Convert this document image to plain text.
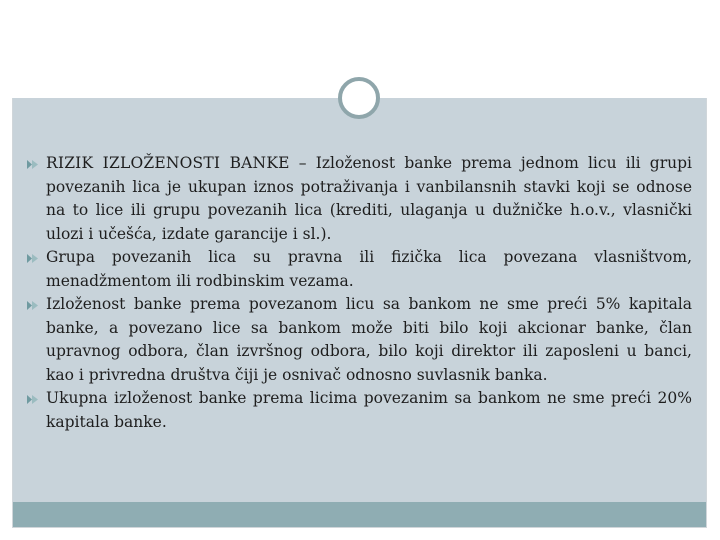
RIZIK IZLOŽENOSTI BANKE – Izloženost banke prema jednom licu ili grupi povezanih lica je ukupan iznos potraživanja i vanbilansnih stavki koji se odnose na to lice ili grupu povezanih lica (krediti, ulaganja u dužničke h.o.v., vlasnički ulozi i učešća, izdate garancije i sl.).
Grupa povezanih lica su pravna ili fizička lica povezana vlasništvom, menadžmentom ili rodbinskim vezama.
Izloženost banke prema povezanom licu sa bankom ne sme preći 5% kapitala banke, a povezano lice sa bankom može biti bilo koji akcionar banke, član upravnog odbora, član izvršnog odbora, bilo koji direktor ili zaposleni u banci, kao i privredna društva čiji je osnivač odnosno suvlasnik banka.
Ukupna izloženost banke prema licima povezanim sa bankom ne sme preći 20% kapitala banke.
